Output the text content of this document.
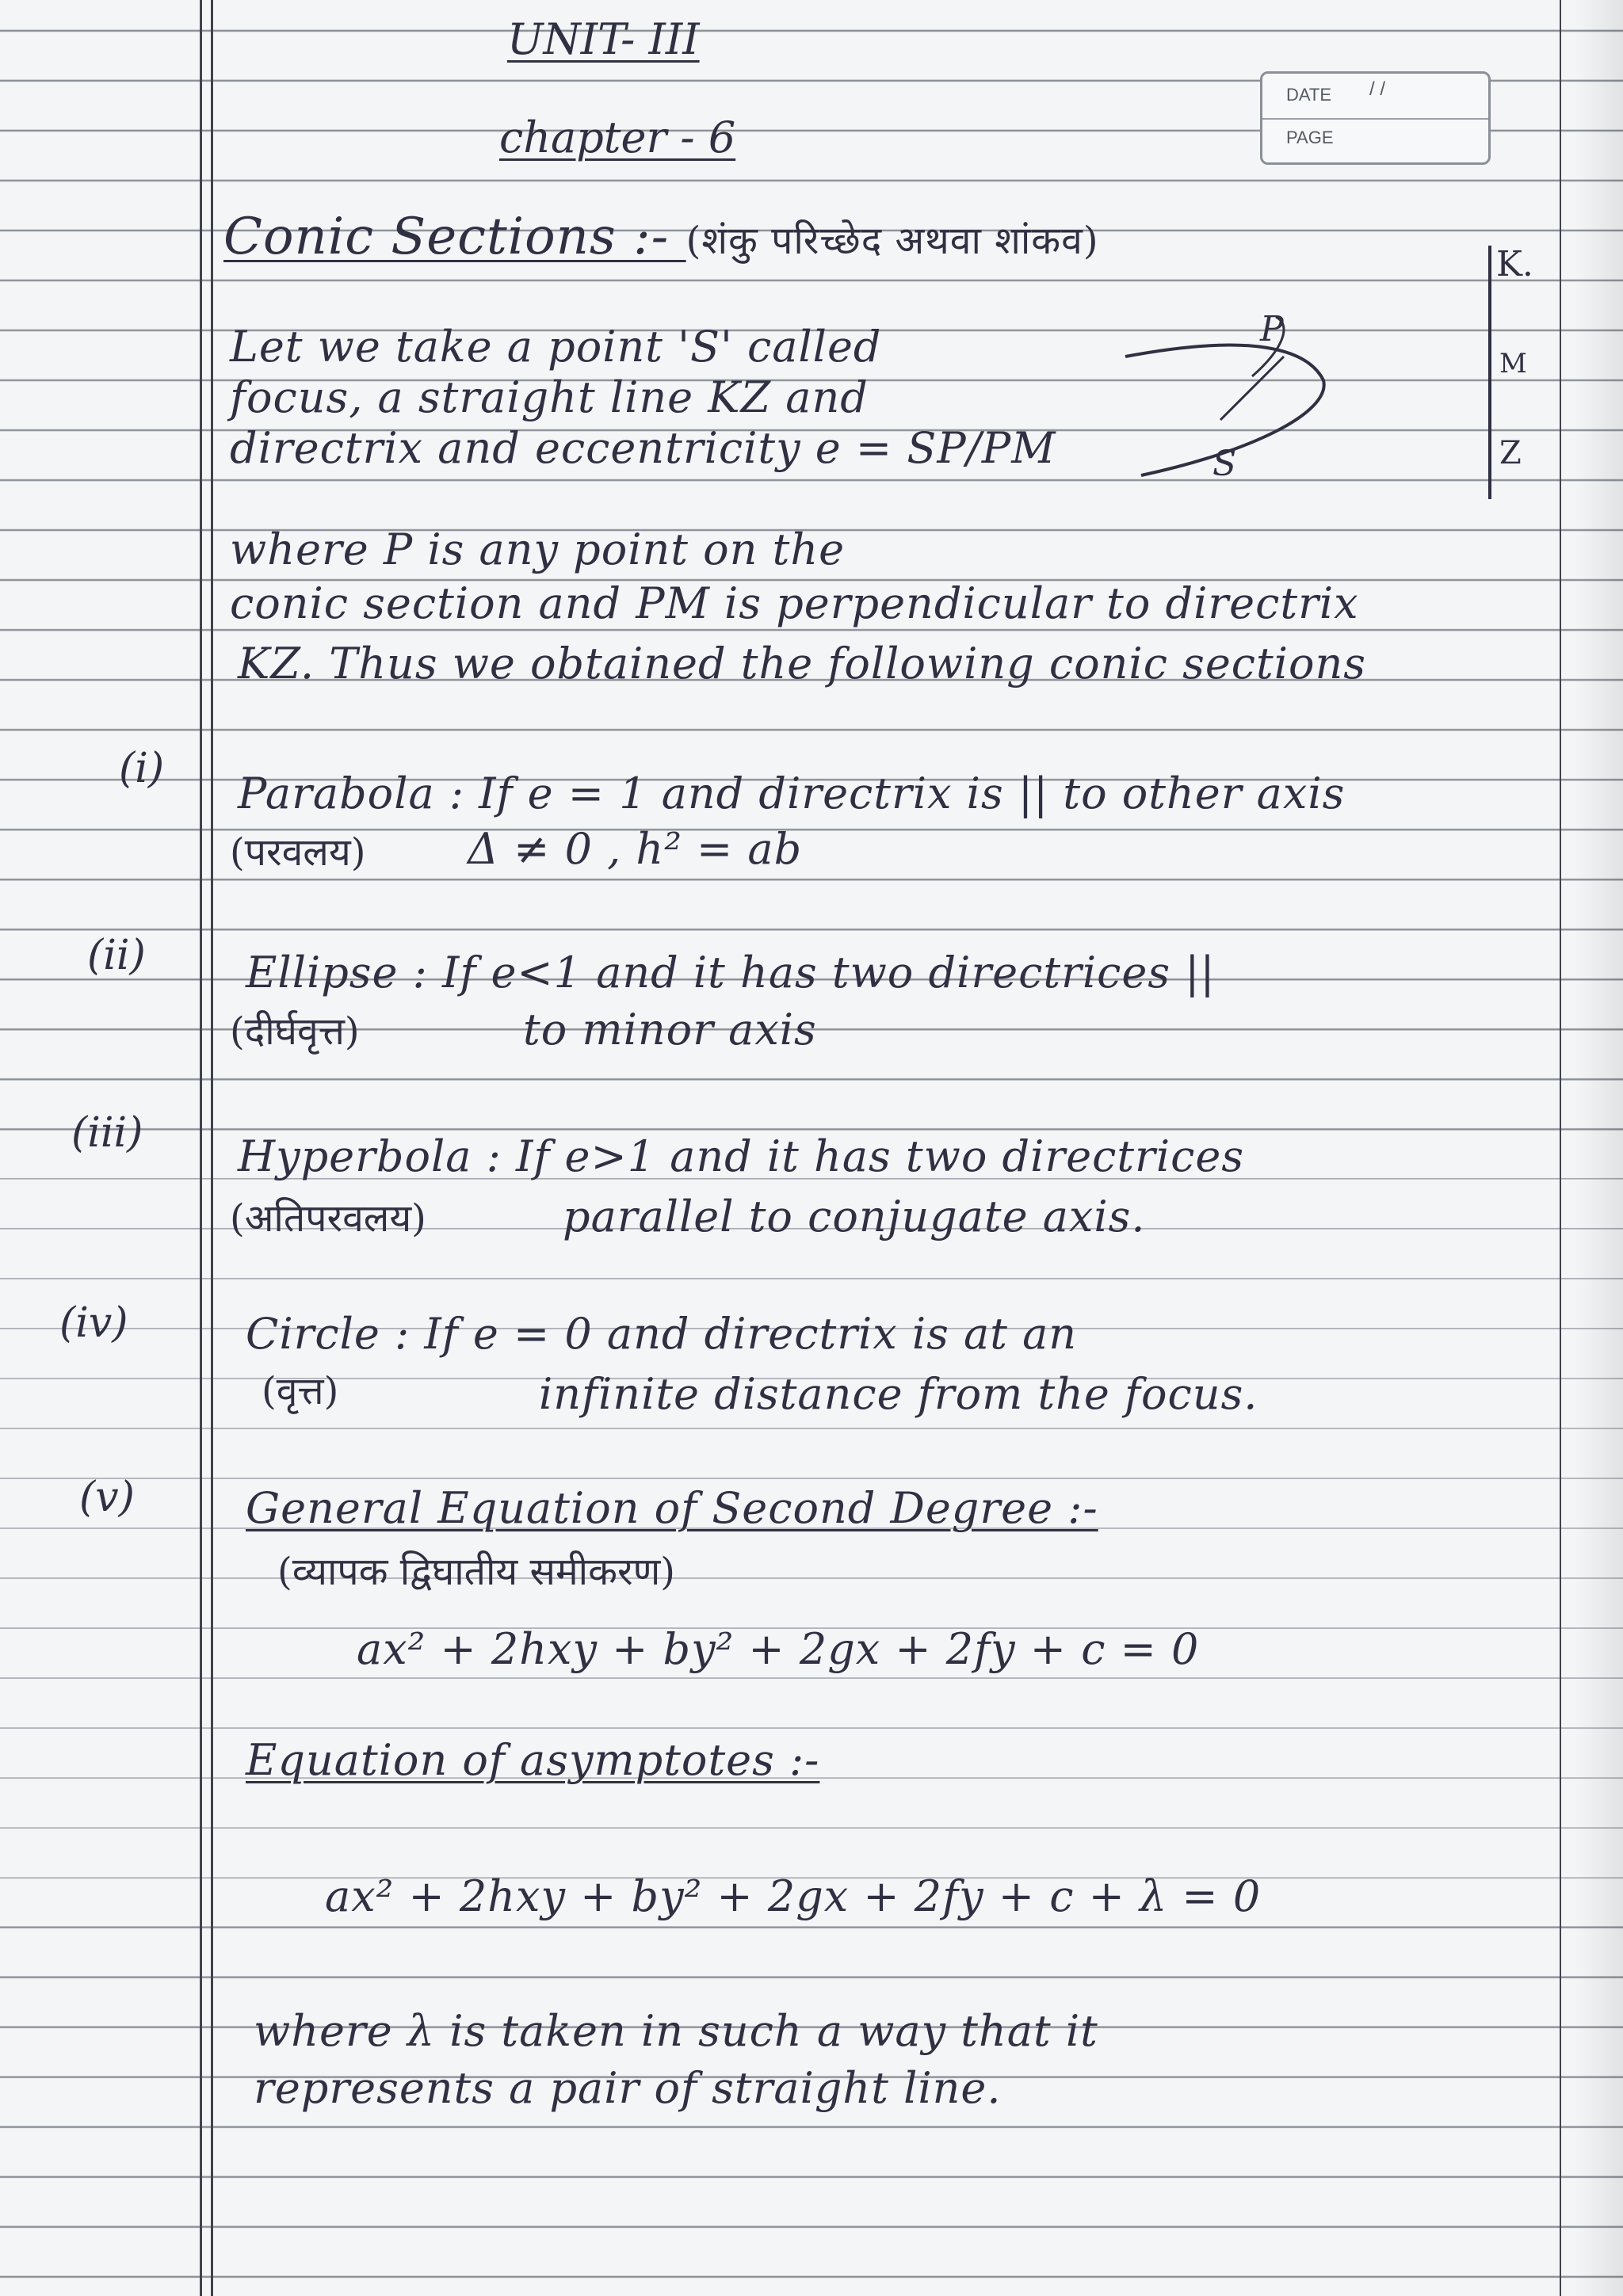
UNIT- III
chapter - 6
DATE / /
PAGE
Conic Sections :- (शंकु परिच्छेद अथवा शांकव)
Let we take a point 'S' called
focus, a straight line KZ and
directrix and eccentricity e = SP/PM
where P is any point on the
conic section and PM is perpendicular to directrix
KZ. Thus we obtained the following conic sections
P
S
K.
M
Z
(i) Parabola : If e = 1 and directrix is || to other axis
(परवलय) Δ ≠ 0 , h² = ab
(ii) Ellipse : If e<1 and it has two directrices ||
(दीर्घवृत्त)	to minor axis
(iii) Hyperbola : If e>1 and it has two directrices
(अतिपरवलय)	parallel to conjugate axis.
(iv)	Circle : If e = 0 and directrix is at an
(वृत्त)	infinite distance from the focus.
(v)	General Equation of Second Degree :-
(व्यापक द्विघातीय समीकरण)
ax² + 2hxy + by² + 2gx + 2fy + c = 0
Equation of asymptotes :-
ax² + 2hxy + by² + 2gx + 2fy + c + λ = 0
where λ is taken in such a way that it
represents a pair of straight line.
